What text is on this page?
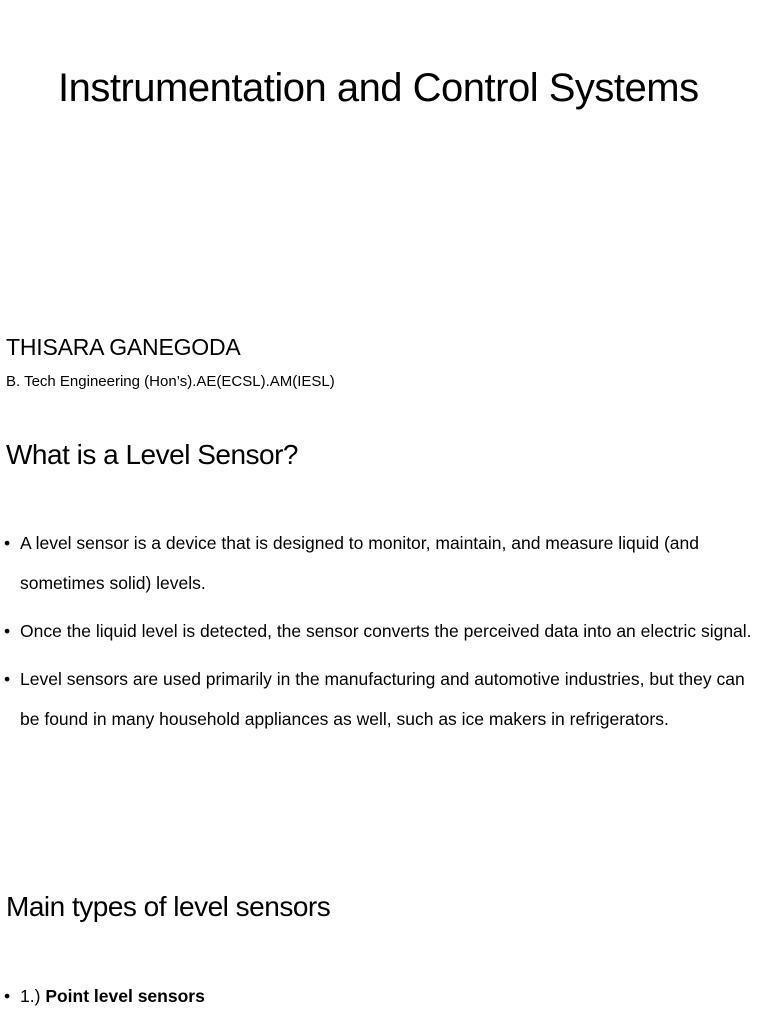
Instrumentation and Control Systems

THISARA GANEGODA

B. Tech Engineering (Hon’s).AE(ECSL).AM(IESL)

What is a Level Sensor?
• A level sensor is a device that is designed to monitor, maintain, and measure liquid (and sometimes solid) levels.
• Once the liquid level is detected, the sensor converts the perceived data into an electric signal.
• Level sensors are used primarily in the manufacturing and automotive industries, but they can be found in many household appliances as well, such as ice makers in refrigerators.
Main types of level sensors
• 1.) Point level sensors
